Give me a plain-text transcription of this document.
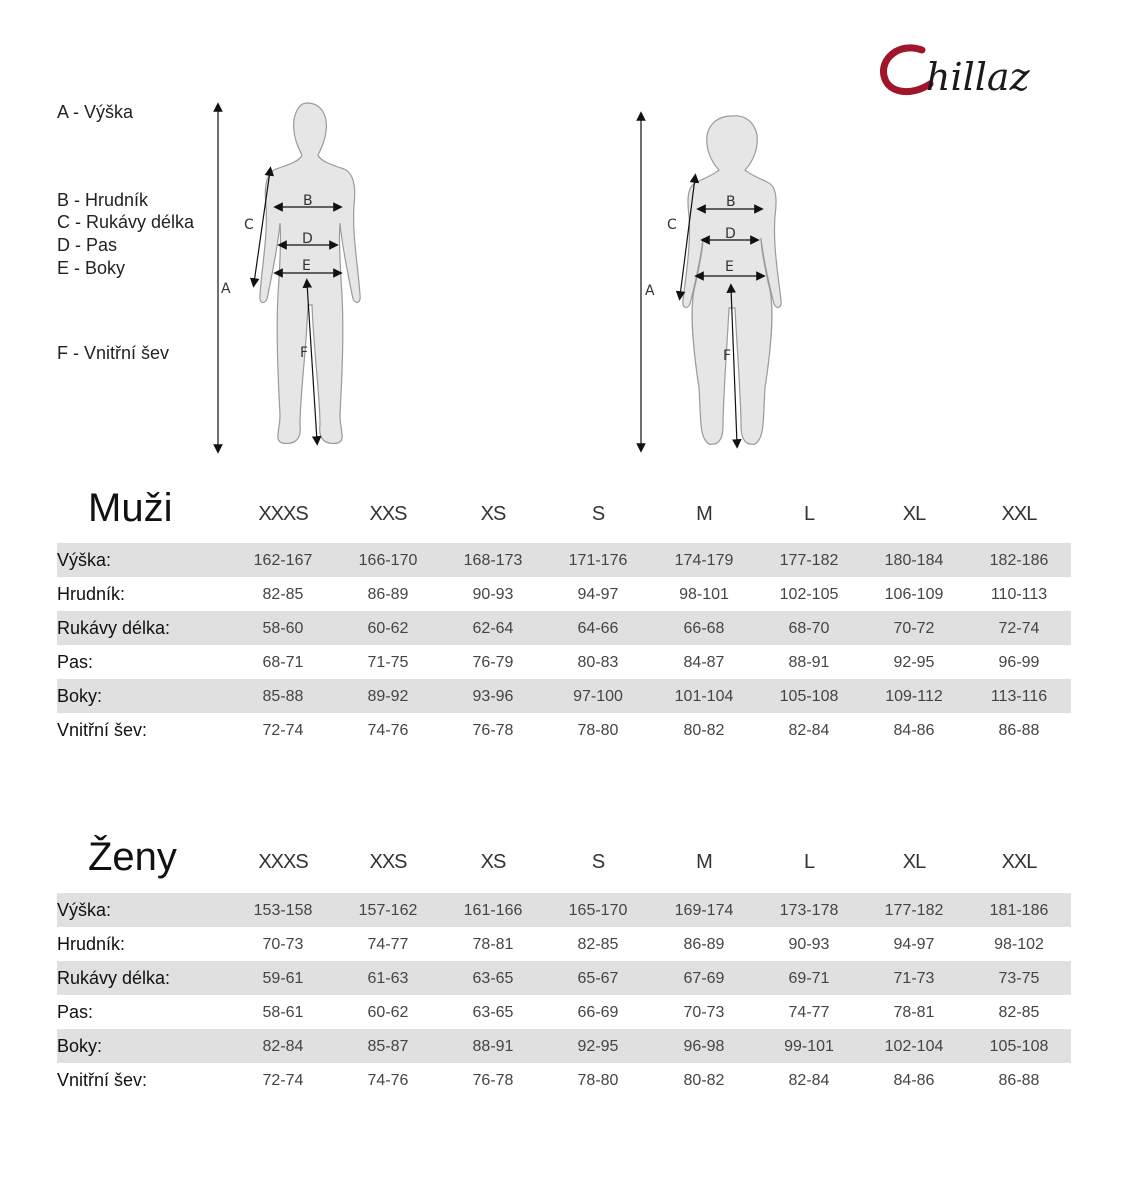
hillaz
A - Výška
B - Hrudník
C - Rukávy délka
D - Pas
E - Boky
F - Vnitřní šev
A
B
C
D
E
F
A
B
C
D
E
F
Muži	XXXS	XXS	XS	S	M	L	XL	XXL
Výška:	162-167	166-170	168-173	171-176	174-179	177-182	180-184	182-186
Hrudník:	82-85	86-89	90-93	94-97	98-101	102-105	106-109	110-113
Rukávy délka:	58-60	60-62	62-64	64-66	66-68	68-70	70-72	72-74
Pas:	68-71	71-75	76-79	80-83	84-87	88-91	92-95	96-99
Boky:	85-88	89-92	93-96	97-100	101-104	105-108	109-112	113-116
Vnitřní šev:	72-74	74-76	76-78	78-80	80-82	82-84	84-86	86-88
Ženy	XXXS	XXS	XS	S	M	L	XL	XXL
Výška:	153-158	157-162	161-166	165-170	169-174	173-178	177-182	181-186
Hrudník:	70-73	74-77	78-81	82-85	86-89	90-93	94-97	98-102
Rukávy délka:	59-61	61-63	63-65	65-67	67-69	69-71	71-73	73-75
Pas:	58-61	60-62	63-65	66-69	70-73	74-77	78-81	82-85
Boky:	82-84	85-87	88-91	92-95	96-98	99-101	102-104	105-108
Vnitřní šev:	72-74	74-76	76-78	78-80	80-82	82-84	84-86	86-88
